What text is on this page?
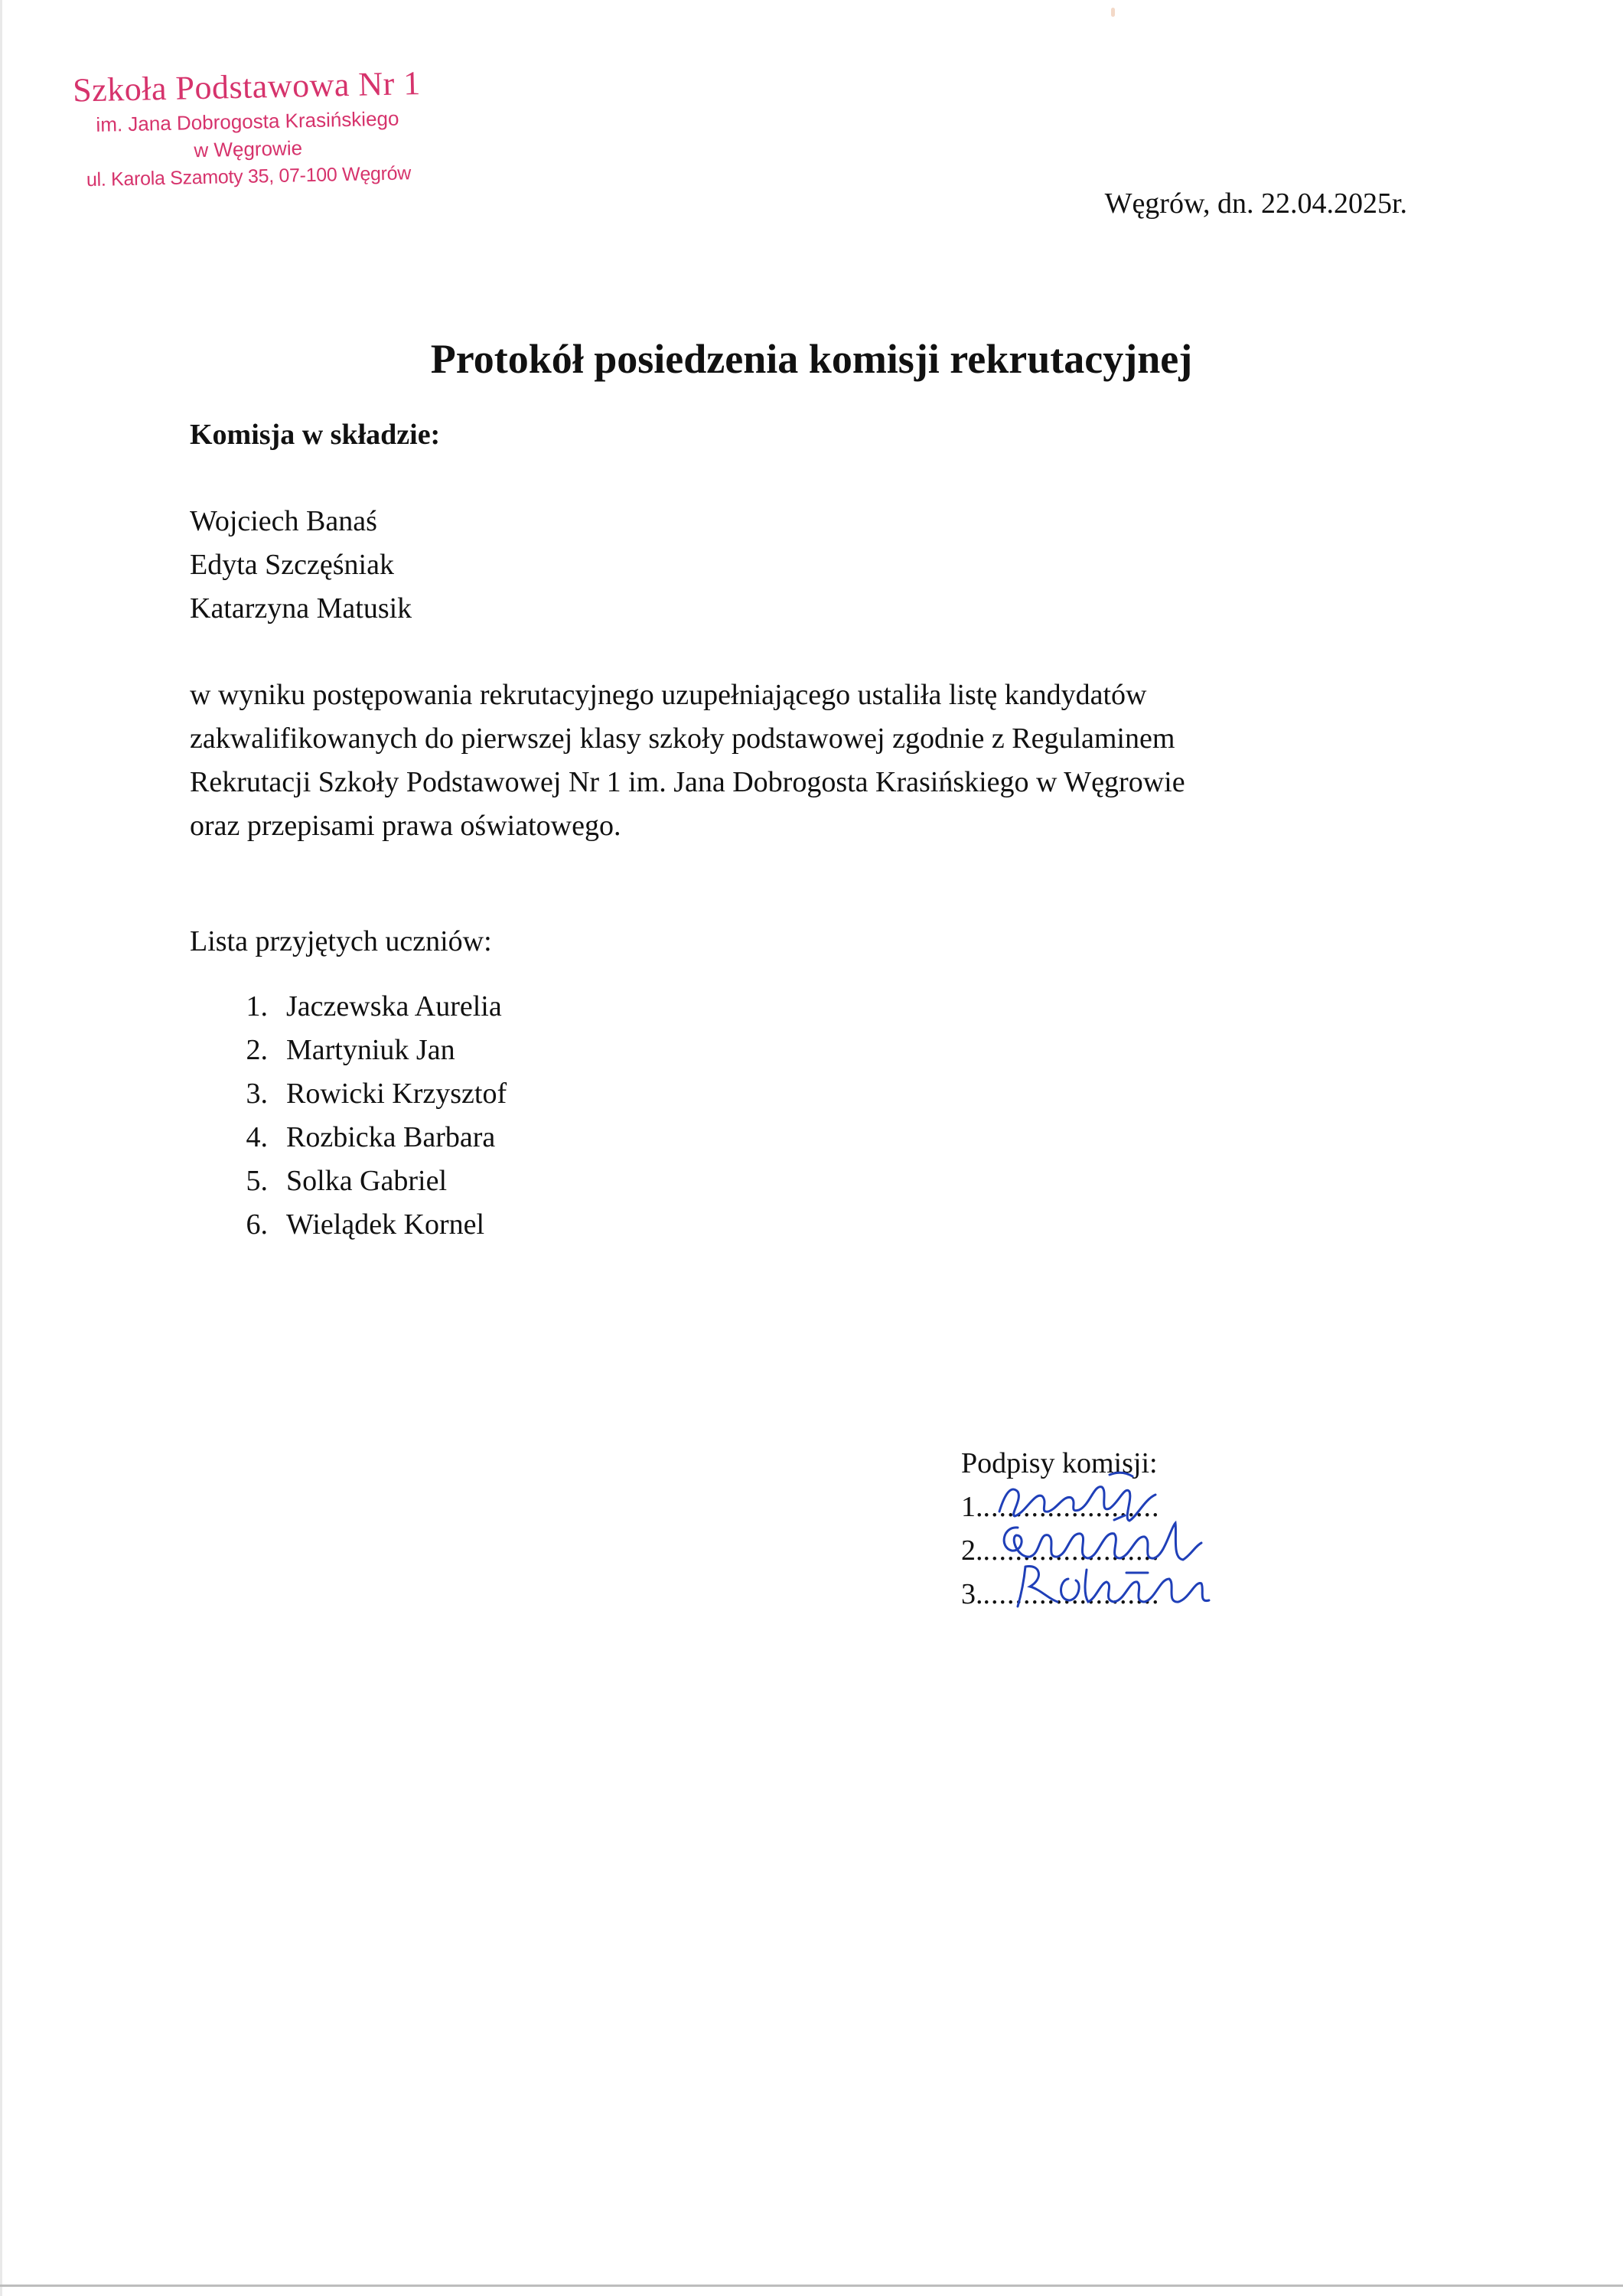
Szkoła Podstawowa Nr 1
im. Jana Dobrogosta Krasińskiego
w Węgrowie
ul. Karola Szamoty 35, 07-100 Węgrów
Węgrów, dn. 22.04.2025r.
Protokół posiedzenia komisji rekrutacyjnej

Komisja w składzie:

Wojciech Banaś
Edyta Szczęśniak
Katarzyna Matusik
w wyniku postępowania rekrutacyjnego uzupełniającego ustaliła listę kandydatów
zakwalifikowanych do pierwszej klasy szkoły podstawowej zgodnie z Regulaminem
Rekrutacji Szkoły Podstawowej Nr 1 im. Jana Dobrogosta Krasińskiego w Węgrowie
oraz przepisami prawa oświatowego.

Lista przyjętych uczniów:

1. Jaczewska Aurelia
2. Martyniuk Jan
3. Rowicki Krzysztof
4. Rozbicka Barbara
5. Solka Gabriel
6. Wielądek Kornel
Podpisy komisji:
1.......................
2.......................
3.......................
